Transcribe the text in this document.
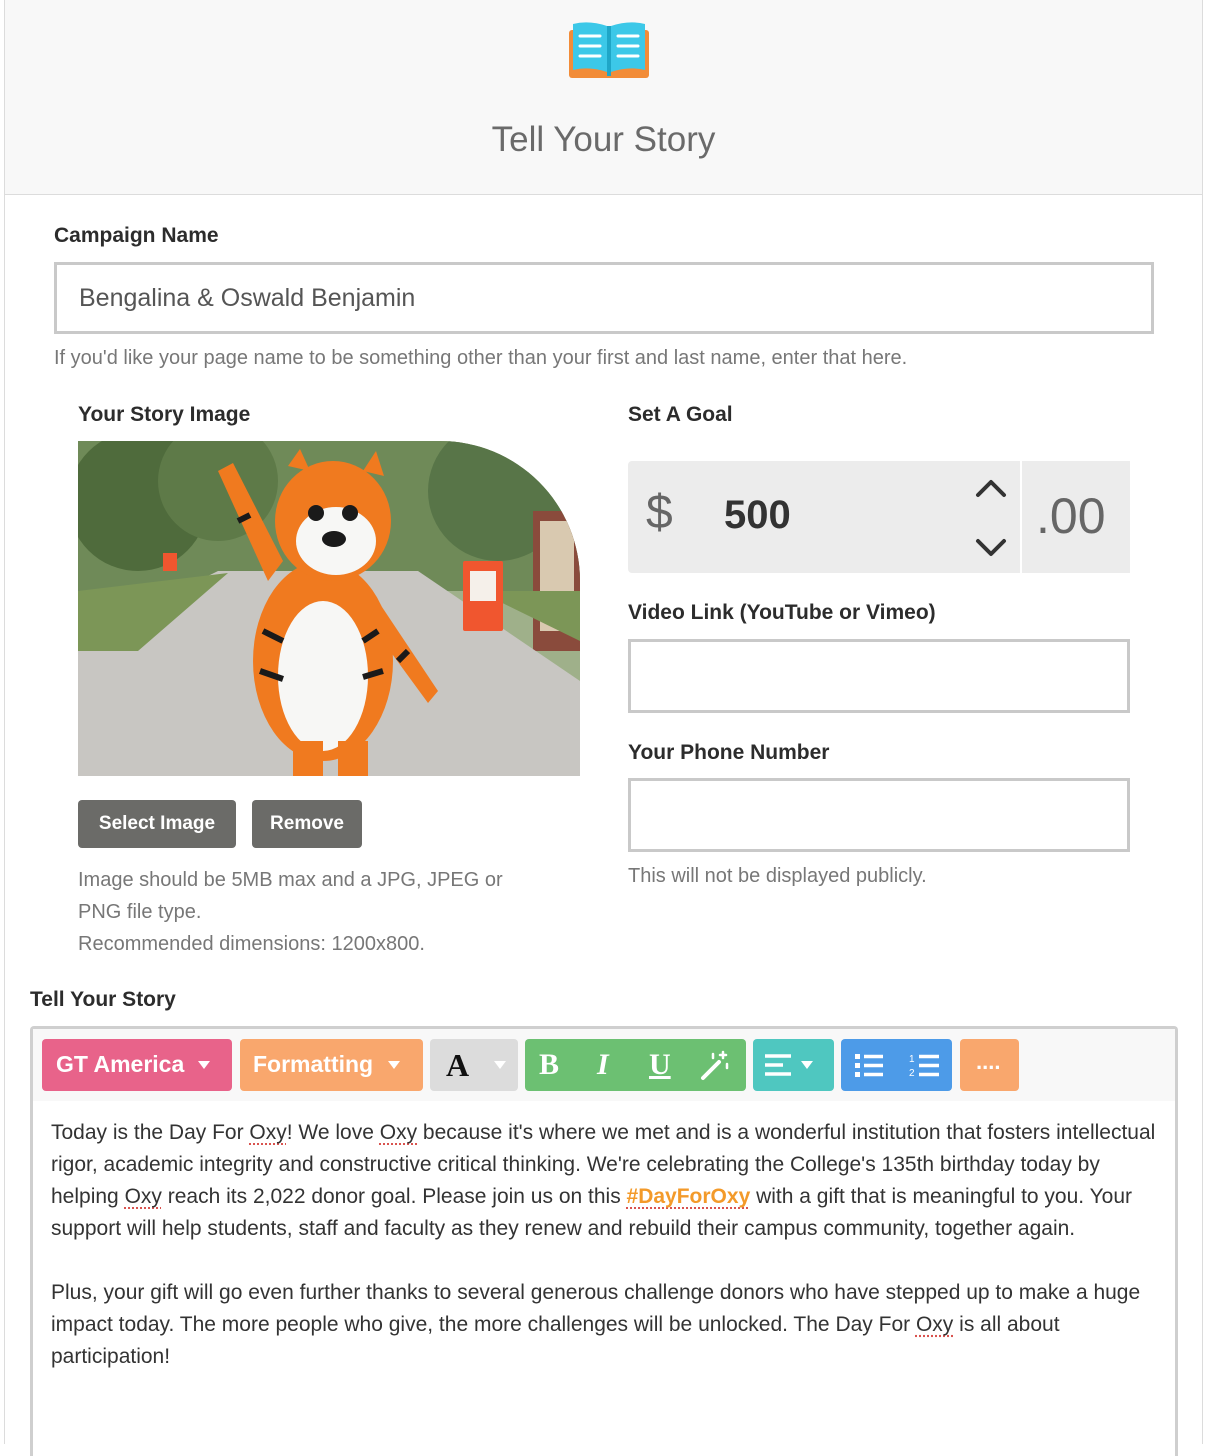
Tell Your Story

Campaign Name

Bengalina & Oswald Benjamin

If you'd like your page name to be something other than your first and last name, enter that here.

Your Story Image

Select Image	Remove

Image should be 5MB max and a JPG, JPEG or

PNG file type.

Recommended dimensions: 1200x800.

Set A Goal

$ 500	.00

Video Link (YouTube or Vimeo)

Your Phone Number

This will not be displayed publicly.

Tell Your Story

GT America	Formatting A B I U	1
2	....

Today is the Day For Oxy! We love Oxy because it's where we met and is a wonderful institution that fosters intellectual rigor, academic integrity and constructive critical thinking. We're celebrating the College's 135th birthday today by helping Oxy reach its 2,022 donor goal. Please join us on this #DayForOxy with a gift that is meaningful to you. Your support will help students, staff and faculty as they renew and rebuild their campus community, together again.

Plus, your gift will go even further thanks to several generous challenge donors who have stepped up to make a huge impact today. The more people who give, the more challenges will be unlocked. The Day For Oxy is all about participation!
